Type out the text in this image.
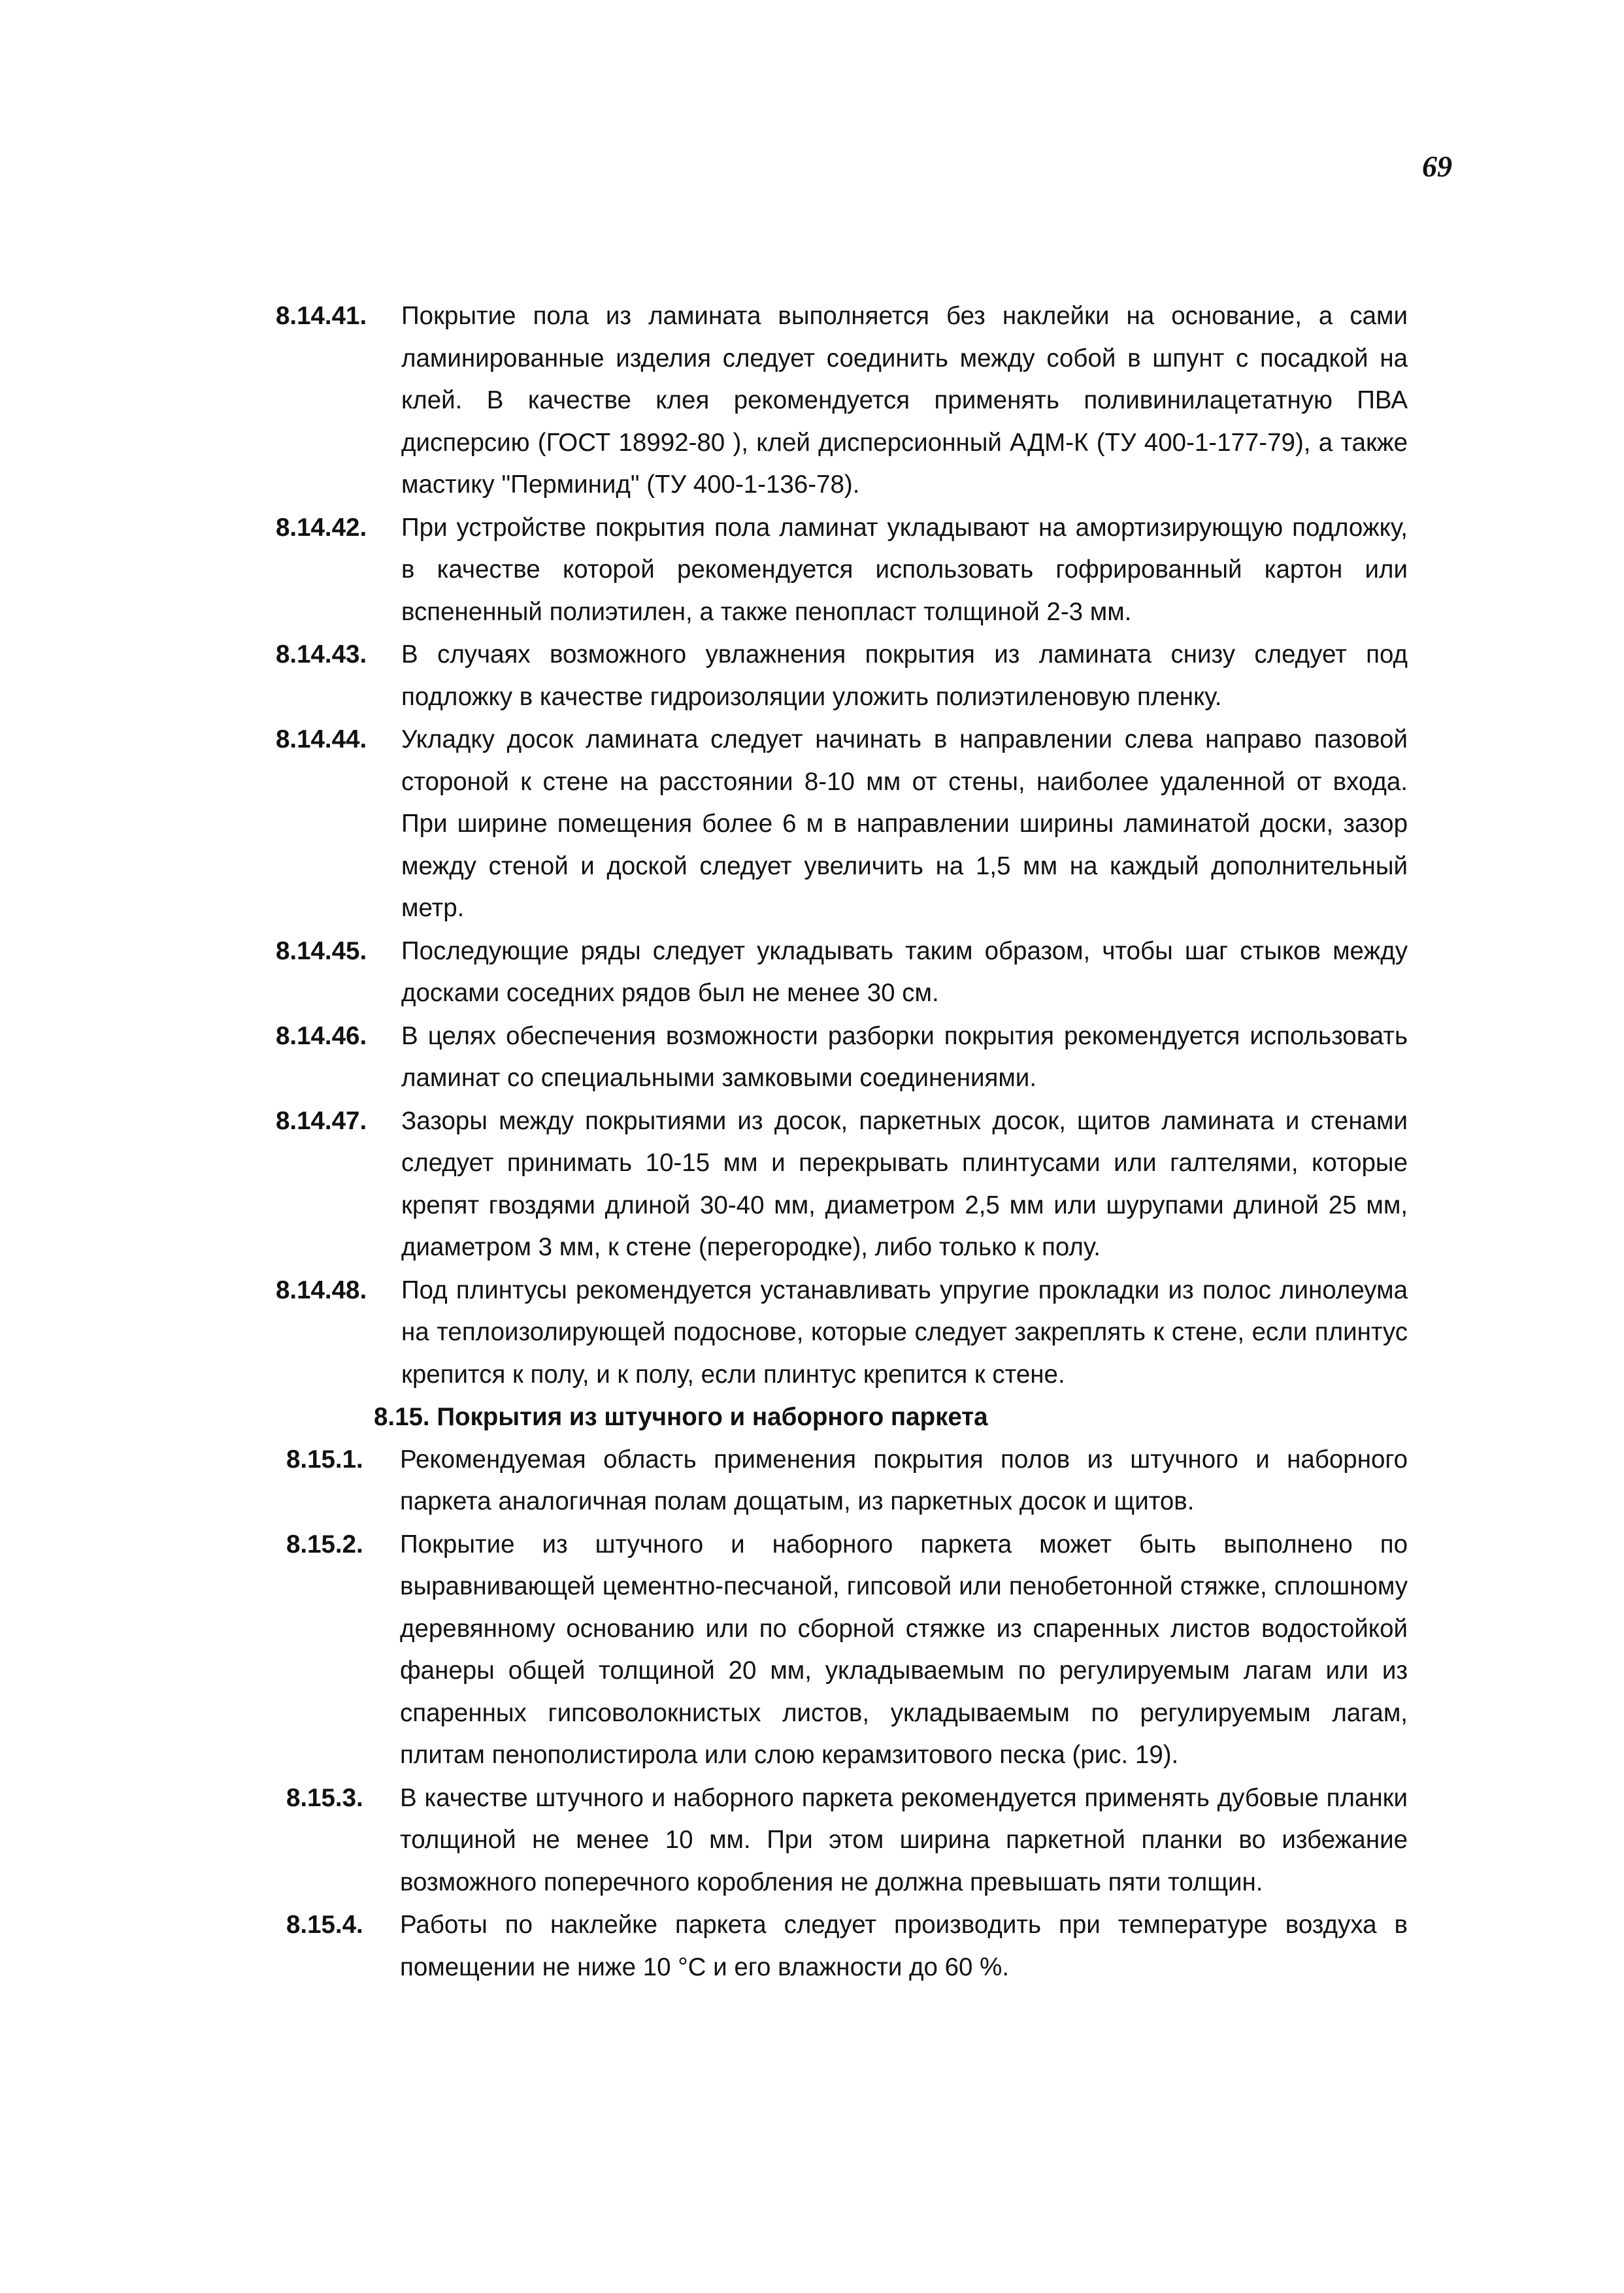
69
8.14.41. Покрытие пола из ламината выполняется без наклейки на основание, а сами ламинированные изделия следует соединить между собой в шпунт с посадкой на клей. В качестве клея рекомендуется применять поливинилацетатную ПВА дисперсию (ГОСТ 18992-80 ), клей дисперсионный АДМ-К (ТУ 400-1-177-79), а также мастику "Перминид" (ТУ 400-1-136-78).
8.14.42. При устройстве покрытия пола ламинат укладывают на амортизирующую подложку, в качестве которой рекомендуется использовать гофрированный картон или вспененный полиэтилен, а также пенопласт толщиной 2-3 мм.
8.14.43. В случаях возможного увлажнения покрытия из ламината снизу следует под подложку в качестве гидроизоляции уложить полиэтиленовую пленку.
8.14.44. Укладку досок ламината следует начинать в направлении слева направо пазовой стороной к стене на расстоянии 8-10 мм от стены, наиболее удаленной от входа. При ширине помещения более 6 м в направлении ширины ламинатой доски, зазор между стеной и доской следует увеличить на 1,5 мм на каждый дополнительный метр.
8.14.45. Последующие ряды следует укладывать таким образом, чтобы шаг стыков между досками соседних рядов был не менее 30 см.
8.14.46. В целях обеспечения возможности разборки покрытия рекомендуется использовать ламинат со специальными замковыми соединениями.
8.14.47. Зазоры между покрытиями из досок, паркетных досок, щитов ламината и стенами следует принимать 10-15 мм и перекрывать плинтусами или галтелями, которые крепят гвоздями длиной 30-40 мм, диаметром 2,5 мм или шурупами длиной 25 мм, диаметром 3 мм, к стене (перегородке), либо только к полу.
8.14.48. Под плинтусы рекомендуется устанавливать упругие прокладки из полос линолеума на теплоизолирующей подоснове, которые следует закреплять к стене, если плинтус крепится к полу, и к полу, если плинтус крепится к стене.
8.15. Покрытия из штучного и наборного паркета
8.15.1. Рекомендуемая область применения покрытия полов из штучного и наборного паркета аналогичная полам дощатым, из паркетных досок и щитов.
8.15.2. Покрытие из штучного и наборного паркета может быть выполнено по выравнивающей цементно-песчаной, гипсовой или пенобетонной стяжке, сплошному деревянному основанию или по сборной стяжке из спаренных листов водостойкой фанеры общей толщиной 20 мм, укладываемым по регулируемым лагам или из спаренных гипсоволокнистых листов, укладываемым по регулируемым лагам, плитам пенополистирола или слою керамзитового песка (рис. 19).
8.15.3. В качестве штучного и наборного паркета рекомендуется применять дубовые планки толщиной не менее 10 мм. При этом ширина паркетной планки во избежание возможного поперечного коробления не должна превышать пяти толщин.
8.15.4. Работы по наклейке паркета следует производить при температуре воздуха в помещении не ниже 10 °С и его влажности до 60 %.
